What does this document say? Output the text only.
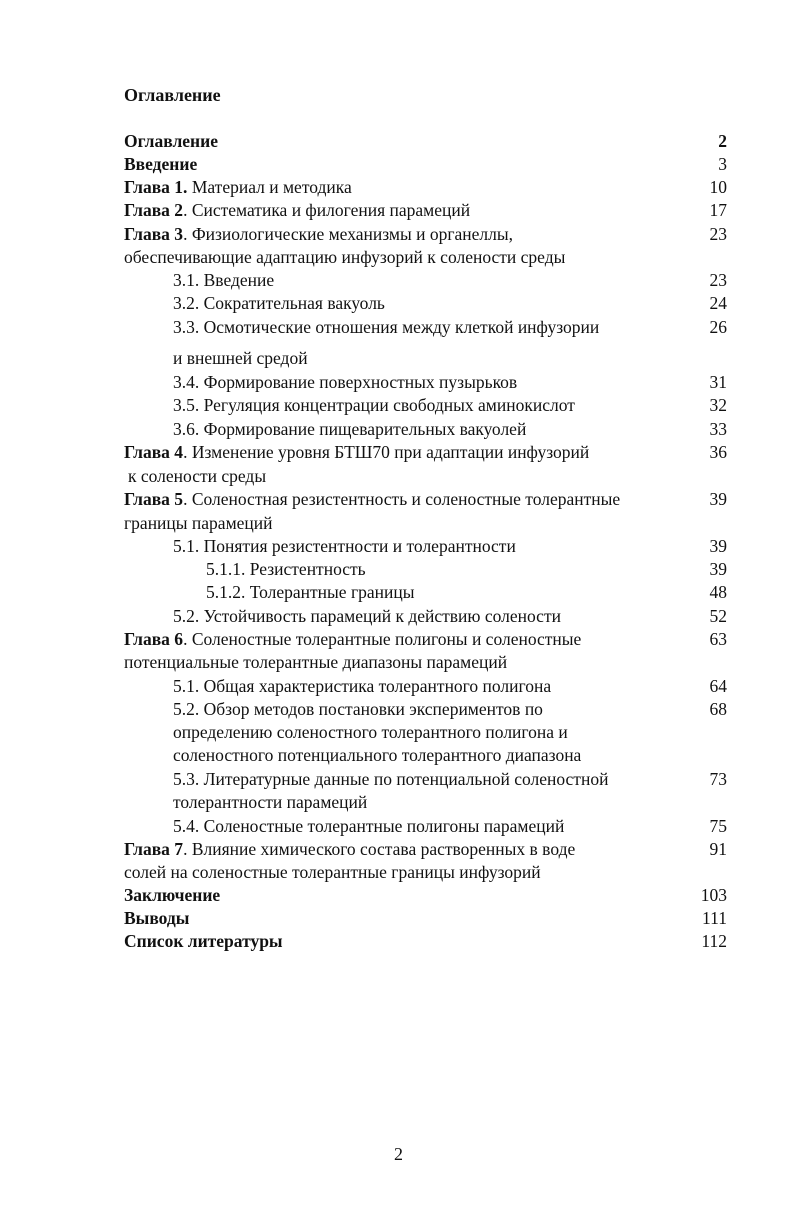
Оглавление
Оглавление	2
Введение	3
Глава 1. Материал и методика	10
Глава 2. Систематика и филогения парамеций	17
Глава 3. Физиологические механизмы и органеллы,	23
обеспечивающие адаптацию инфузорий к солености среды
3.1. Введение	23
3.2. Сократительная вакуоль	24
3.3. Осмотические отношения между клеткой инфузории	26
и внешней средой
3.4. Формирование поверхностных пузырьков	31
3.5. Регуляция концентрации свободных аминокислот	32
3.6. Формирование пищеварительных вакуолей	33
Глава 4. Изменение уровня БТШ70 при адаптации инфузорий	36
к солености среды
Глава 5. Соленостная резистентность и соленостные толерантные	39
границы парамеций
5.1. Понятия резистентности и толерантности	39
5.1.1. Резистентность	39
5.1.2. Толерантные границы	48
5.2. Устойчивость парамеций к действию солености	52
Глава 6. Соленостные толерантные полигоны и соленостные	63
потенциальные толерантные диапазоны парамеций
5.1. Общая характеристика толерантного полигона	64
5.2. Обзор методов постановки экспериментов по	68
определению соленостного толерантного полигона и
соленостного потенциального толерантного диапазона
5.3. Литературные данные по потенциальной соленостной	73
толерантности парамеций
5.4. Соленостные толерантные полигоны парамеций	75
Глава 7. Влияние химического состава растворенных в воде	91
солей на соленостные толерантные границы инфузорий
Заключение	103
Выводы	111
Список литературы	112
2
